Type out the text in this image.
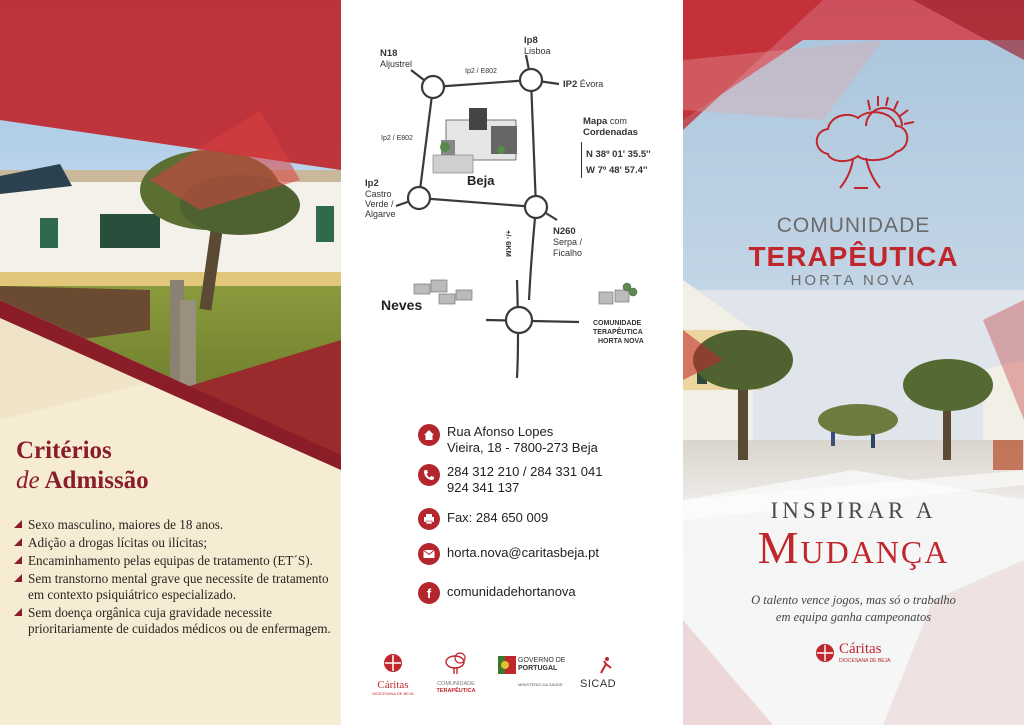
Critérios
de Admissão
Sexo masculino, maiores de 18 anos.
Adição a drogas lícitas ou ilícitas;
Encaminhamento pelas equipas de tratamento (ET´S).
Sem transtorno mental grave que necessite de tratamento em contexto psiquiátrico especializado.
Sem doença orgânica cuja gravidade necessite prioritariamente de cuidados médicos ou de enfermagem.
N18
Aljustrel
Ip8
Lisboa
Ip2 / E802
IP2 Évora
Ip2 / E802
Ip2
Castro
Verde /
Algarve
Beja
Mapa com
Cordenadas
N 38º 01' 35.5''
W 7º 48' 57.4''
N260
Serpa /
Ficalho
+/- 6KM
Neves
COMUNIDADE
TERAPÊUTICA
HORTA NOVA
Rua Afonso Lopes
Vieira, 18 - 7800-273 Beja
284 312 210 / 284 331 041
924 341 137
Fax: 284 650 009
horta.nova@caritasbeja.pt
f comunidadehortanova
Cáritas
DIOCESANA DE BEJA
COMUNIDADE
TERAPÊUTICA
GOVERNO DE
PORTUGAL
MINISTÉRIO DA SAÚDE	SICAD
COMUNIDADE
TERAPÊUTICA
HORTA NOVA
INSPIRAR A
Mudança
O talento vence jogos, mas só o trabalho
em equipa ganha campeonatos
Cáritas
DIOCESANA DE BEJA
